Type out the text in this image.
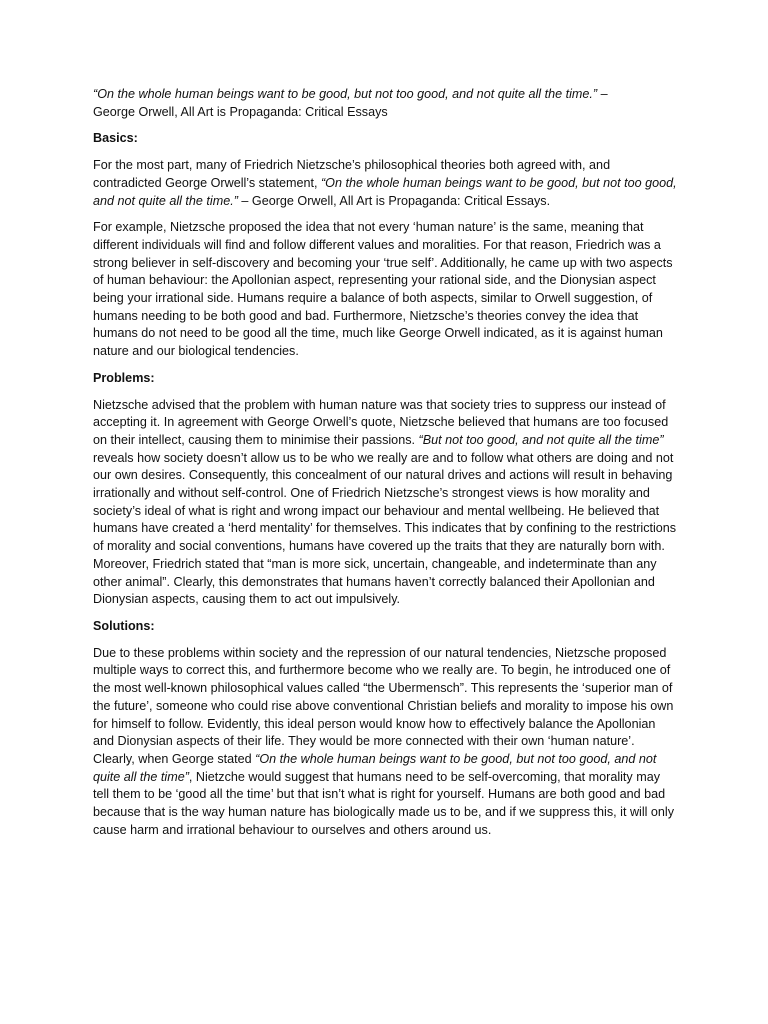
“On the whole human beings want to be good, but not too good, and not quite all the time.” –
George Orwell, All Art is Propaganda: Critical Essays

Basics:

For the most part, many of Friedrich Nietzsche’s philosophical theories both agreed with, and contradicted George Orwell’s statement, “On the whole human beings want to be good, but not too good, and not quite all the time.” – George Orwell, All Art is Propaganda: Critical Essays.

For example, Nietzsche proposed the idea that not every ‘human nature’ is the same, meaning that different individuals will find and follow different values and moralities. For that reason, Friedrich was a strong believer in self-discovery and becoming your ‘true self’. Additionally, he came up with two aspects of human behaviour: the Apollonian aspect, representing your rational side, and the Dionysian aspect being your irrational side. Humans require a balance of both aspects, similar to Orwell suggestion, of humans needing to be both good and bad. Furthermore, Nietzsche’s theories convey the idea that humans do not need to be good all the time, much like George Orwell indicated, as it is against human nature and our biological tendencies.

Problems:

Nietzsche advised that the problem with human nature was that society tries to suppress our instead of accepting it. In agreement with George Orwell’s quote, Nietzsche believed that humans are too focused on their intellect, causing them to minimise their passions. “But not too good, and not quite all the time” reveals how society doesn’t allow us to be who we really are and to follow what others are doing and not our own desires. Consequently, this concealment of our natural drives and actions will result in behaving irrationally and without self-control. One of Friedrich Nietzsche’s strongest views is how morality and society’s ideal of what is right and wrong impact our behaviour and mental wellbeing. He believed that humans have created a ‘herd mentality’ for themselves. This indicates that by confining to the restrictions of morality and social conventions, humans have covered up the traits that they are naturally born with. Moreover, Friedrich stated that “man is more sick, uncertain, changeable, and indeterminate than any other animal”. Clearly, this demonstrates that humans haven’t correctly balanced their Apollonian and Dionysian aspects, causing them to act out impulsively.

Solutions:

Due to these problems within society and the repression of our natural tendencies, Nietzsche proposed multiple ways to correct this, and furthermore become who we really are. To begin, he introduced one of the most well-known philosophical values called “the Ubermensch”. This represents the ‘superior man of the future’, someone who could rise above conventional Christian beliefs and morality to impose his own for himself to follow. Evidently, this ideal person would know how to effectively balance the Apollonian and Dionysian aspects of their life. They would be more connected with their own ‘human nature’. Clearly, when George stated “On the whole human beings want to be good, but not too good, and not quite all the time”, Nietzche would suggest that humans need to be self-overcoming, that morality may tell them to be ‘good all the time’ but that isn’t what is right for yourself. Humans are both good and bad because that is the way human nature has biologically made us to be, and if we suppress this, it will only cause harm and irrational behaviour to ourselves and others around us.
